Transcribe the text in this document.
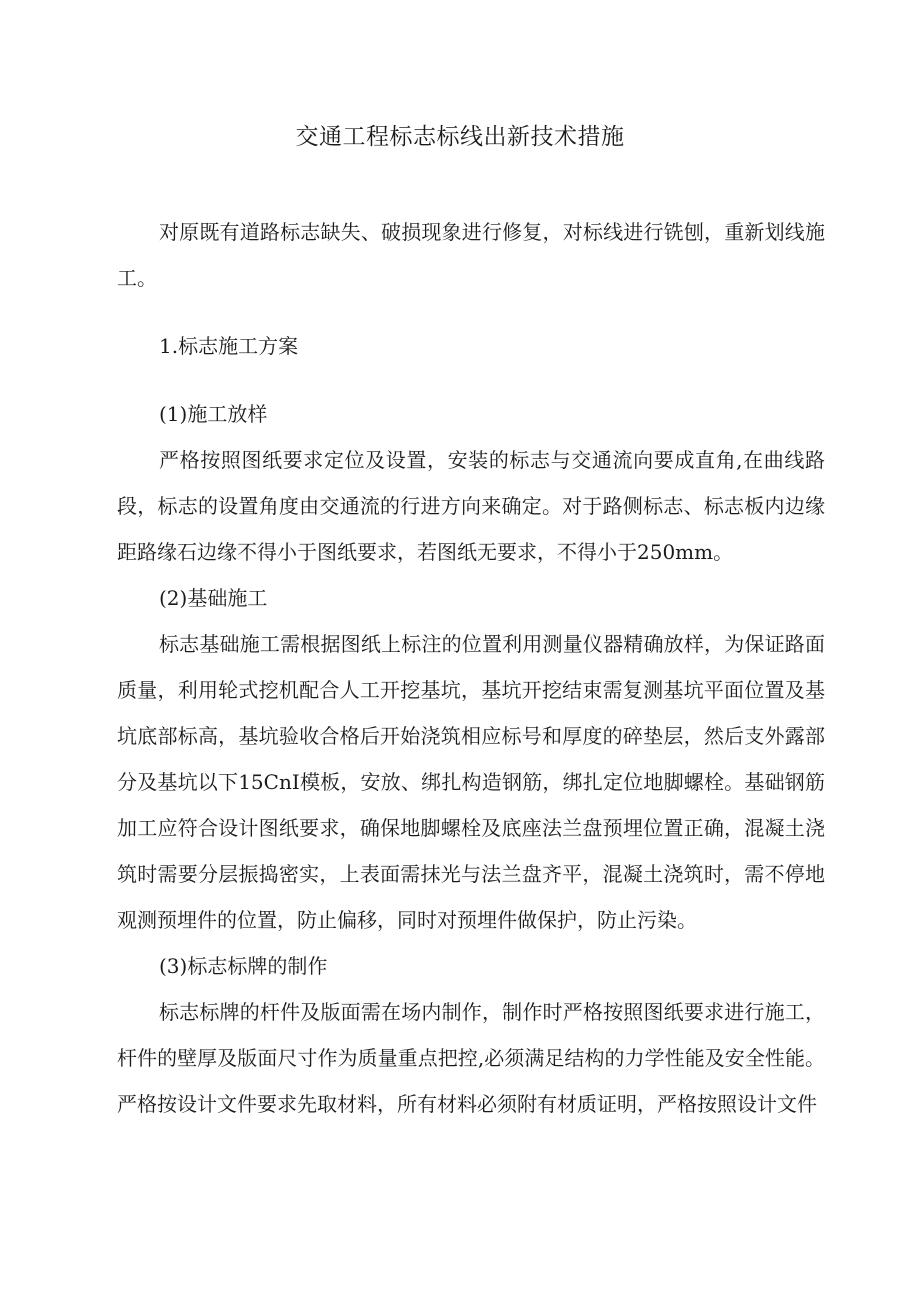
交通工程标志标线出新技术措施

对原既有道路标志缺失、破损现象进行修复，对标线进行铣刨，重新划线施工。

1.标志施工方案

(1)施工放样

严格按照图纸要求定位及设置，安装的标志与交通流向要成直角,在曲线路段，标志的设置角度由交通流的行进方向来确定。对于路侧标志、标志板内边缘距路缘石边缘不得小于图纸要求，若图纸无要求，不得小于250mm。

(2)基础施工

标志基础施工需根据图纸上标注的位置利用测量仪器精确放样，为保证路面质量，利用轮式挖机配合人工开挖基坑，基坑开挖结束需复测基坑平面位置及基坑底部标高，基坑验收合格后开始浇筑相应标号和厚度的碎垫层，然后支外露部分及基坑以下15CnI模板，安放、绑扎构造钢筋，绑扎定位地脚螺栓。基础钢筋加工应符合设计图纸要求，确保地脚螺栓及底座法兰盘预埋位置正确，混凝土浇筑时需要分层振捣密实，上表面需抹光与法兰盘齐平，混凝土浇筑时，需不停地观测预埋件的位置，防止偏移，同时对预埋件做保护，防止污染。

(3)标志标牌的制作

标志标牌的杆件及版面需在场内制作，制作时严格按照图纸要求进行施工，杆件的壁厚及版面尺寸作为质量重点把控,必须满足结构的力学性能及安全性能。严格按设计文件要求先取材料，所有材料必须附有材质证明，严格按照设计文件
